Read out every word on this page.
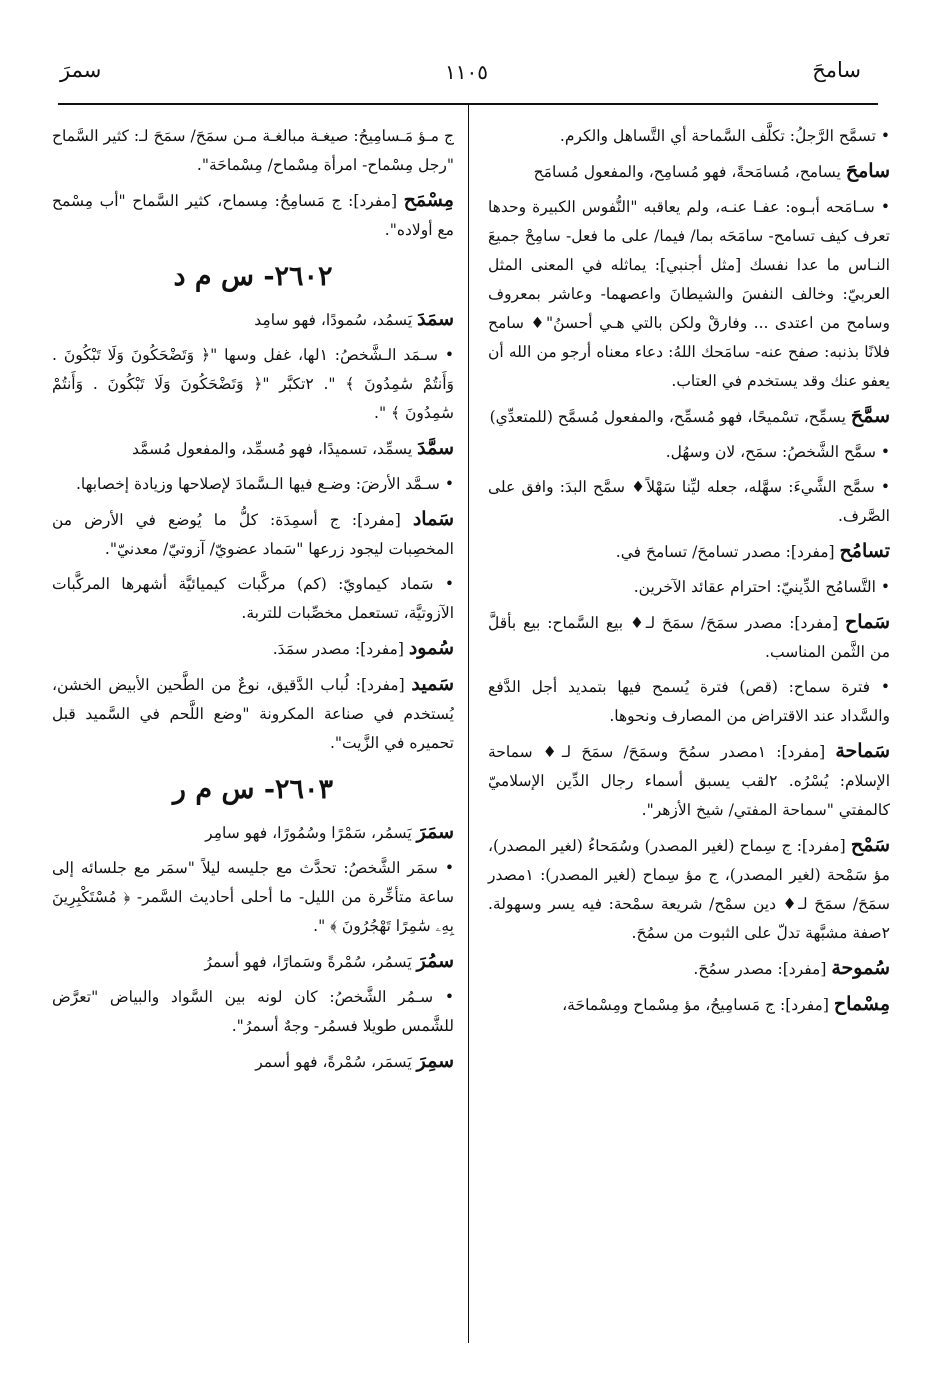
سامحَ
١١٠٥
سمرَ
• تسمَّح الرَّجلُ: تكلَّف السَّماحة أي التَّساهل والكرم.
سامحَ يسامح، مُسامَحةً، فهو مُسامِح، والمفعول مُسامَح
• سـامَحه أبـوه: عفـا عنـه، ولم يعاقبه "النُّفوس الكبيرة وحدها تعرف كيف تسامح- سامَحَه بما/ فيما/ على ما فعل- سامِحْ جميعَ النـاس ما عدا نفسك [مثل أجنبي]: يماثله في المعنى المثل العربيّ: وخالف النفسَ والشيطانَ واعصهما- وعاشر بمعروف وسامح من اعتدى ... وفارقْ ولكن بالتي هـي أحسنُ"♦ سامح فلانًا بذنبه: صفح عنه- سامَحك اللهُ: دعاء معناه أرجو من الله أن يعفو عنك وقد يستخدم في العتاب.
سمَّحَ يسمِّح، تسْميحًا، فهو مُسمِّح، والمفعول مُسمَّح (للمتعدِّي)
• سمَّح الشَّخصُ: سمَح، لان وسهُل.
• سمَّح الشَّيءَ: سهَّله، جعله ليِّنا سَهْلاً♦ سمَّح البدَ: وافق على الصَّرف.
تسامُح [مفرد]: مصدر تسامحَ/ تسامحَ في.
• التَّسامُح الدِّينيّ: احترام عقائد الآخرين.
سَماح [مفرد]: مصدر سمَحَ/ سمَحَ لـ♦ بيع السَّماح: بيع بأقلَّ من الثَّمن المناسب.
• فترة سماح: (قص) فترة يُسمح فيها بتمديد أجل الدَّفع والسَّداد عند الاقتراض من المصارف ونحوها.
سَماحة [مفرد]: ١مصدر سمُحَ وسمَحَ/ سمَحَ لـ♦ سماحة الإسلام: يُسْرُه. ٢لقب يسبق أسماء رجال الدِّين الإسلاميّ كالمفتي "سماحة المفتي/ شيخ الأزهر".
سَمْح [مفرد]: ج سِماح (لغير المصدر) وسُمَحاءُ (لغير المصدر)، مؤ سَمْحة (لغير المصدر)، ج مؤ سِماح (لغير المصدر): ١مصدر سمَحَ/ سمَحَ لـ♦ دين سمْح/ شريعة سمْحة: فيه يسر وسهولة. ٢صفة مشبَّهة تدلّ على الثبوت من سمُحَ.
سُموحة [مفرد]: مصدر سمُحَ.
مِسْماح [مفرد]: ج مَسامِيحُ، مؤ مِسْماح ومِسْماحَة،
ج مـؤ مَـسامِيحُ: صيغـة مبالغـة مـن سمَحَ/ سمَحَ لـ: كثير السَّماح "رجل مِسْماح- امرأة مِسْماح/ مِسْماحَة".
مِسْمَح [مفرد]: ج مَسامِحُ: مِسماح، كثير السَّماح "أب مِسْمح مع أولاده".
٢٦٠٢- س م د
سمَدَ يَسمُد، سُمودًا، فهو سامِد
• سـمَد الـشَّخصُ: ١لها، غفل وسها "﴿ وَتَضْحَكُونَ وَلَا تَبْكُونَ . وَأَنتُمْ سَٰمِدُونَ ﴾ ". ٢تكبَّر "﴿ وَتَضْحَكُونَ وَلَا تَبْكُونَ . وَأَنتُمْ سَٰمِدُونَ ﴾ ".
سمَّدَ يسمِّد، تسميدًا، فهو مُسمِّد، والمفعول مُسمَّد
• سـمَّد الأرضَ: وضـع فيها الـسَّمادَ لإصلاحها وزيادة إخصابها.
سَماد [مفرد]: ج أسمِدَة: كلُّ ما يُوضع في الأرض من المخصِبات ليجود زرعها "سَماد عضويّ/ آزوتيّ/ معدنيّ".
• سَماد كيماويّ: (كم) مركَّبات كيميائيَّة أشهرها المركَّبات الآزوتيَّة، تستعمل مخصِّبات للتربة.
سُمود [مفرد]: مصدر سمَدَ.
سَميد [مفرد]: لُباب الدَّقيق، نوعٌ من الطَّحين الأبيض الخشن، يُستخدم في صناعة المكرونة "وضع اللَّحم في السَّميد قبل تحميره في الزَّيت".
٢٦٠٣- س م ر
سمَرَ يَسمُر، سَمْرًا وسُمُورًا، فهو سامِر
• سمَر الشَّخصُ: تحدَّث مع جليسه ليلاً "سمَر مع جلسائه إلى ساعة متأخِّرة من الليل- ما أحلى أحاديث السَّمر- ﴿ مُسْتَكْبِرِينَ بِهِۦ سَٰمِرًا تَهْجُرُونَ ﴾ ".
سمُرَ يَسمُر، سُمْرةً وسَمارًا، فهو أسمرُ
• سـمُر الشَّخصُ: كان لونه بين السَّواد والبياض "تعرَّض للشَّمس طويلا فسمُر- وجهٌ أسمرُ".
سمِرَ يَسمَر، سُمْرةً، فهو أسمر
